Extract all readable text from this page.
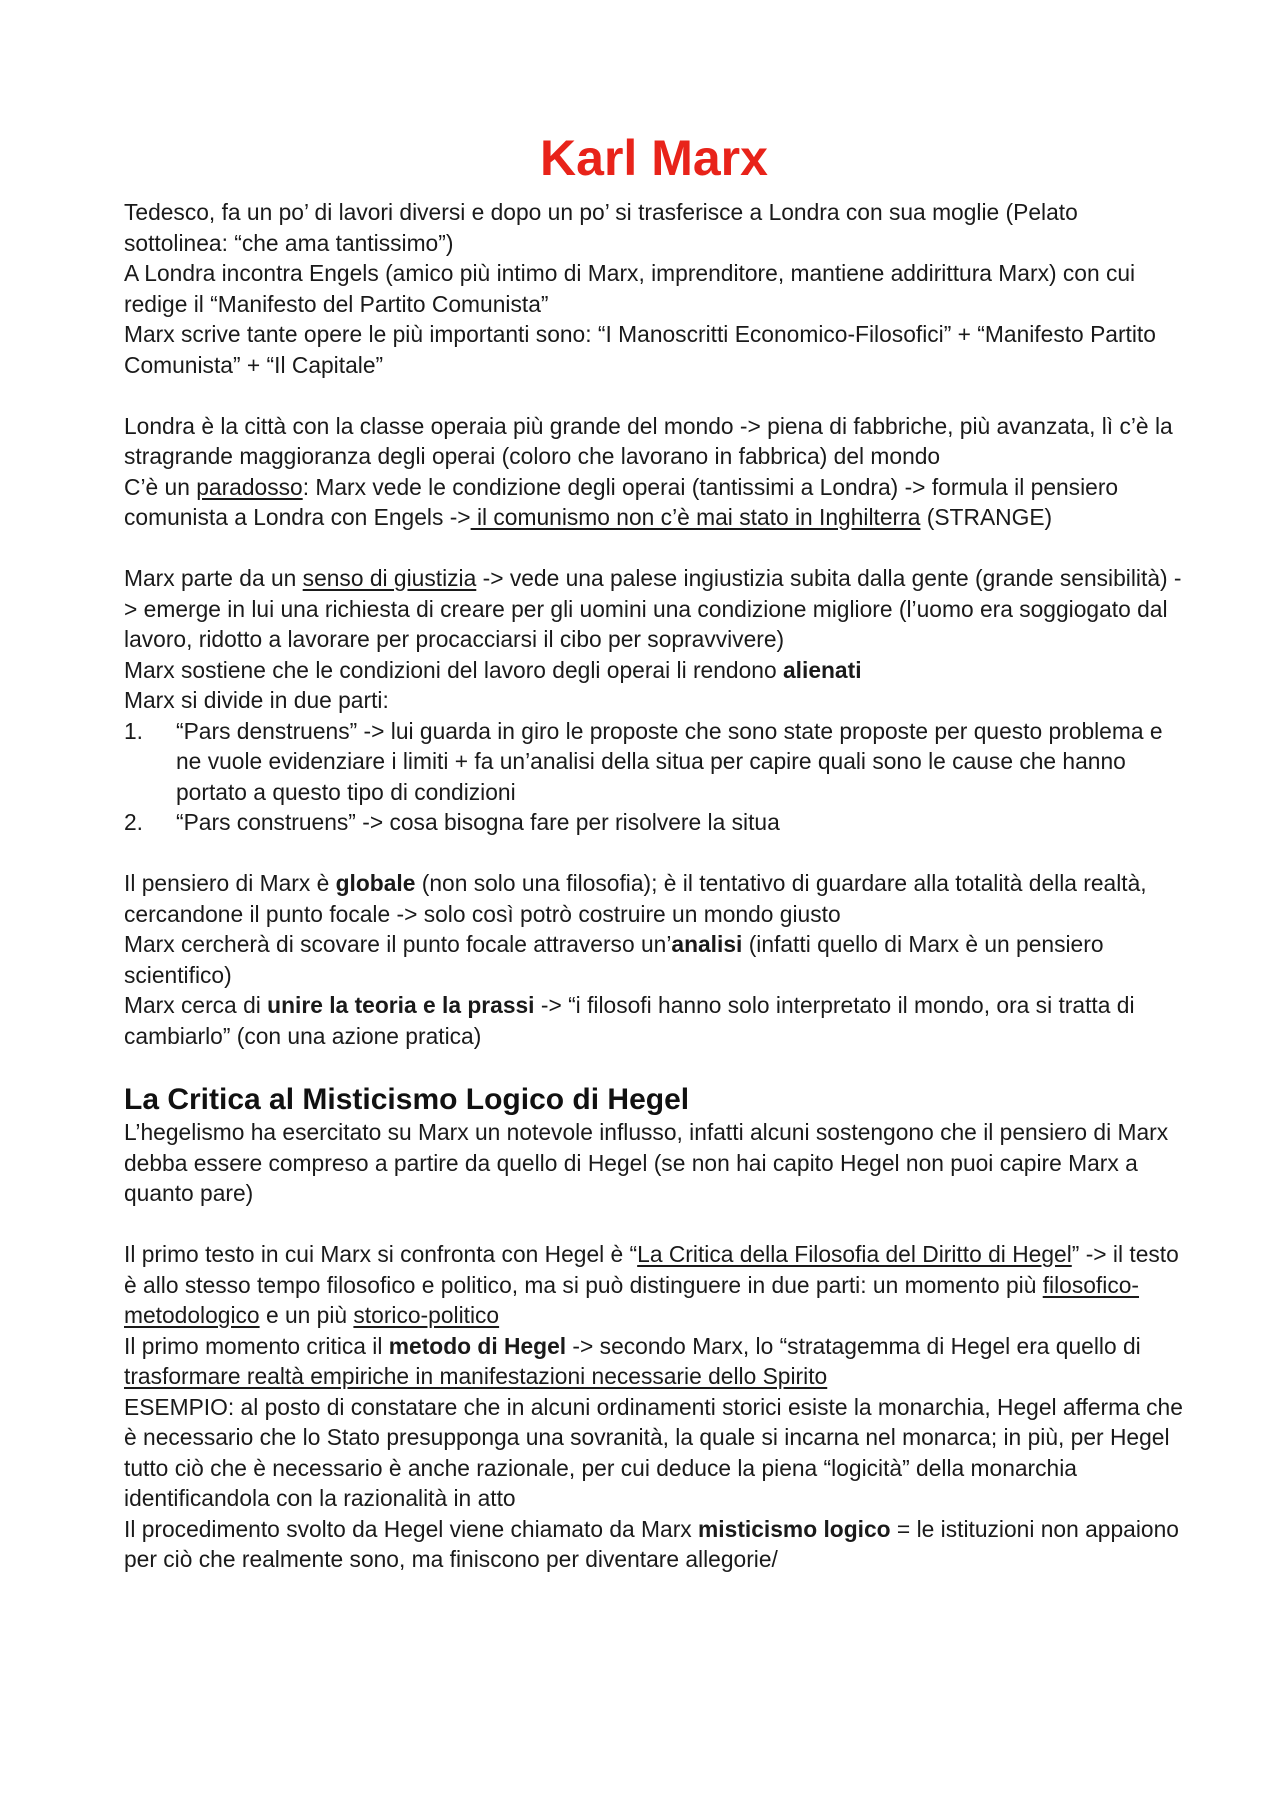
Karl Marx

Tedesco, fa un po’ di lavori diversi e dopo un po’ si trasferisce a Londra con sua moglie (Pelato sottolinea: “che ama tantissimo”)

A Londra incontra Engels (amico più intimo di Marx, imprenditore, mantiene addirittura Marx) con cui redige il “Manifesto del Partito Comunista”

Marx scrive tante opere le più importanti sono: “I Manoscritti Economico-Filosofici” + “Manifesto Partito Comunista” + “Il Capitale”

Londra è la città con la classe operaia più grande del mondo -> piena di fabbriche, più avanzata, lì c’è la stragrande maggioranza degli operai (coloro che lavorano in fabbrica) del mondo

C’è un paradosso: Marx vede le condizione degli operai (tantissimi a Londra) -> formula il pensiero comunista a Londra con Engels -> il comunismo non c’è mai stato in Inghilterra (STRANGE)

Marx parte da un senso di giustizia -> vede una palese ingiustizia subita dalla gente (grande sensibilità) -> emerge in lui una richiesta di creare per gli uomini una condizione migliore (l’uomo era soggiogato dal lavoro, ridotto a lavorare per procacciarsi il cibo per sopravvivere)

Marx sostiene che le condizioni del lavoro degli operai li rendono alienati

Marx si divide in due parti:

1. “Pars denstruens” -> lui guarda in giro le proposte che sono state proposte per questo problema e ne vuole evidenziare i limiti + fa un’analisi della situa per capire quali sono le cause che hanno portato a questo tipo di condizioni
2. “Pars construens” -> cosa bisogna fare per risolvere la situa

Il pensiero di Marx è globale (non solo una filosofia); è il tentativo di guardare alla totalità della realtà, cercandone il punto focale -> solo così potrò costruire un mondo giusto

Marx cercherà di scovare il punto focale attraverso un’analisi (infatti quello di Marx è un pensiero scientifico)

Marx cerca di unire la teoria e la prassi -> “i filosofi hanno solo interpretato il mondo, ora si tratta di cambiarlo” (con una azione pratica)

La Critica al Misticismo Logico di Hegel

L’hegelismo ha esercitato su Marx un notevole influsso, infatti alcuni sostengono che il pensiero di Marx debba essere compreso a partire da quello di Hegel (se non hai capito Hegel non puoi capire Marx a quanto pare)

Il primo testo in cui Marx si confronta con Hegel è “La Critica della Filosofia del Diritto di Hegel” -> il testo è allo stesso tempo filosofico e politico, ma si può distinguere in due parti: un momento più filosofico-metodologico e un più storico-politico

Il primo momento critica il metodo di Hegel -> secondo Marx, lo “stratagemma di Hegel era quello di trasformare realtà empiriche in manifestazioni necessarie dello Spirito

ESEMPIO: al posto di constatare che in alcuni ordinamenti storici esiste la monarchia, Hegel afferma che è necessario che lo Stato presupponga una sovranità, la quale si incarna nel monarca; in più, per Hegel tutto ciò che è necessario è anche razionale, per cui deduce la piena “logicità” della monarchia identificandola con la razionalità in atto

Il procedimento svolto da Hegel viene chiamato da Marx misticismo logico = le istituzioni non appaiono per ciò che realmente sono, ma finiscono per diventare allegorie/
